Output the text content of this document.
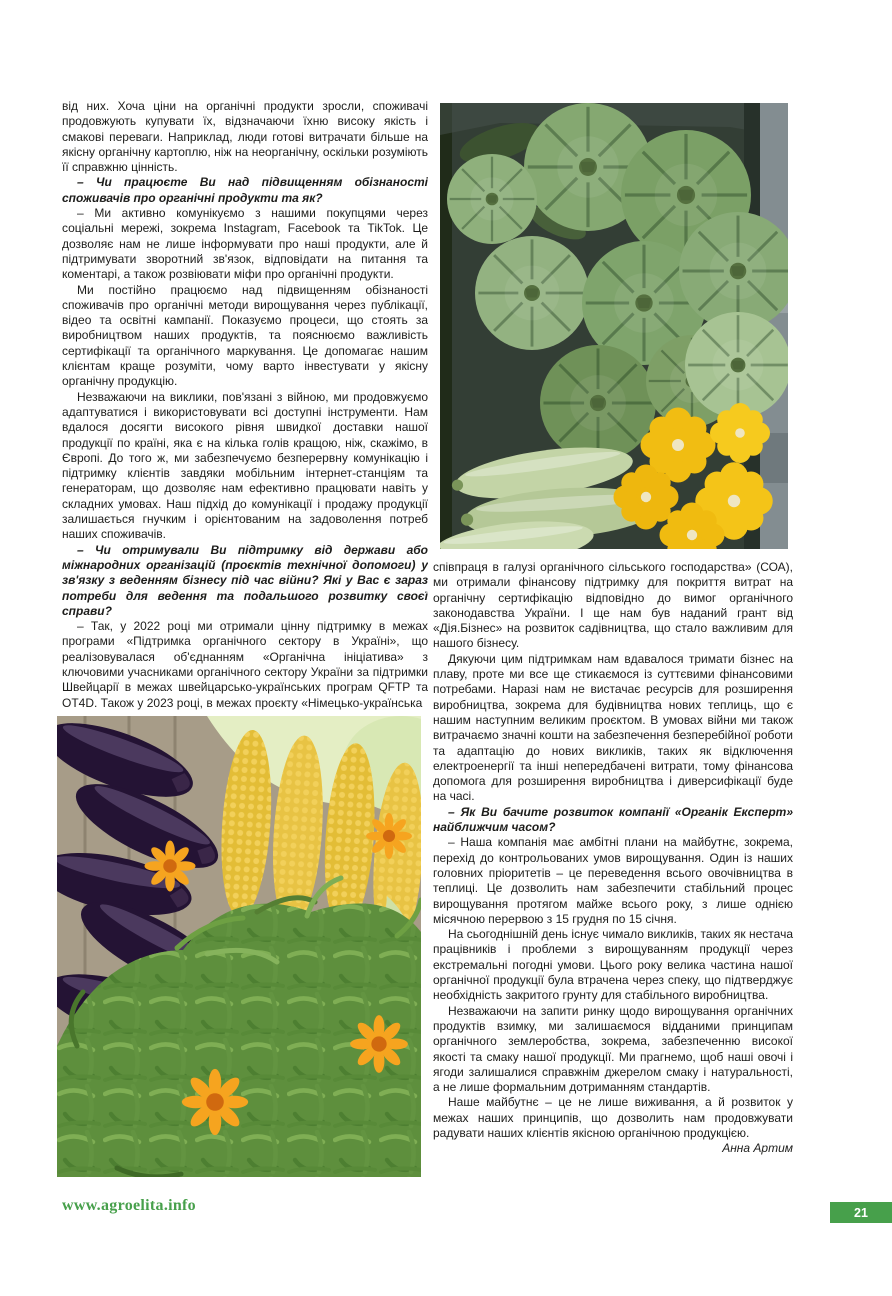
від них. Хоча ціни на органічні продукти зросли, споживачі продовжують купувати їх, відзначаючи їхню високу якість і смакові переваги. Наприклад, люди готові витрачати більше на якісну органічну картоплю, ніж на неорганічну, оскільки розуміють її справжню цінність.

– Чи працюєте Ви над підвищенням обізнаності споживачів про органічні продукти та як?

– Ми активно комунікуємо з нашими покупцями через соціальні мережі, зокрема Instagram, Facebook та TikTok. Це дозволяє нам не лише інформувати про наші продукти, але й підтримувати зворотний зв'язок, відповідати на питання та коментарі, а також розвіювати міфи про органічні продукти.

Ми постійно працюємо над підвищенням обізнаності споживачів про органічні методи вирощування через публікації, відео та освітні кампанії. Показуємо процеси, що стоять за виробництвом наших продуктів, та пояснюємо важливість сертифікації та органічного маркування. Це допомагає нашим клієнтам краще розуміти, чому варто інвестувати у якісну органічну продукцію.

Незважаючи на виклики, пов'язані з війною, ми продовжуємо адаптуватися і використовувати всі доступні інструменти. Нам вдалося досягти високого рівня швидкої доставки нашої продукції по країні, яка є на кілька голів кращою, ніж, скажімо, в Європі. До того ж, ми забезпечуємо безперервну комунікацію і підтримку клієнтів завдяки мобільним інтернет-станціям та генераторам, що дозволяє нам ефективно працювати навіть у складних умовах. Наш підхід до комунікації і продажу продукції залишається гнучким і орієнтованим на задоволення потреб наших споживачів.

– Чи отримували Ви підтримку від держави або міжнародних організацій (проєктів технічної допомоги) у зв'язку з веденням бізнесу під час війни? Які у Вас є зараз потреби для ведення та подальшого розвитку своєї справи?

– Так, у 2022 році ми отримали цінну підтримку в межах програми «Підтримка органічного сектору в Україні», що реалізовувалася об'єднанням «Органічна ініціатива» з ключовими учасниками органічного сектору України за підтримки Швейцарії в межах швейцарсько-українських програм QFTP та ОТ4D. Також у 2023 році, в межах проєкту «Німецько-українська

співпраця в галузі органічного сільського господарства» (СОА), ми отримали фінансову підтримку для покриття витрат на органічну сертифікацію відповідно до вимог органічного законодавства України. І ще нам був наданий грант від «Дія.Бізнес» на розвиток садівництва, що стало важливим для нашого бізнесу.

Дякуючи цим підтримкам нам вдавалося тримати бізнес на плаву, проте ми все ще стикаємося із суттєвими фінансовими потребами. Наразі нам не вистачає ресурсів для розширення виробництва, зокрема для будівництва нових теплиць, що є нашим наступним великим проєктом. В умовах війни ми також витрачаємо значні кошти на забезпечення безперебійної роботи та адаптацію до нових викликів, таких як відключення електроенергії та інші непередбачені витрати, тому фінансова допомога для розширення виробництва і диверсифікації буде на часі.

– Як Ви бачите розвиток компанії «Органік Експерт» найближчим часом?

– Наша компанія має амбітні плани на майбутнє, зокрема, перехід до контрольованих умов вирощування. Один із наших головних пріоритетів – це переведення всього овочівництва в теплиці. Це дозволить нам забезпечити стабільний процес вирощування протягом майже всього року, з лише однією місячною перервою з 15 грудня по 15 січня.

На сьогоднішній день існує чимало викликів, таких як нестача працівників і проблеми з вирощуванням продукції через екстремальні погодні умови. Цього року велика частина нашої органічної продукції була втрачена через спеку, що підтверджує необхідність закритого грунту для стабільного виробництва.

Незважаючи на запити ринку щодо вирощування органічних продуктів взимку, ми залишаємося відданими принципам органічного землеробства, зокрема, забезпеченню високої якості та смаку нашої продукції. Ми прагнемо, щоб наші овочі і ягоди залишалися справжнім джерелом смаку і натуральності, а не лише формальним дотриманням стандартів.

Наше майбутнє – це не лише виживання, а й розвиток у межах наших принципів, що дозволить нам продовжувати радувати наших клієнтів якісною органічною продукцією.

Анна Артим

www.agroelita.info	21
